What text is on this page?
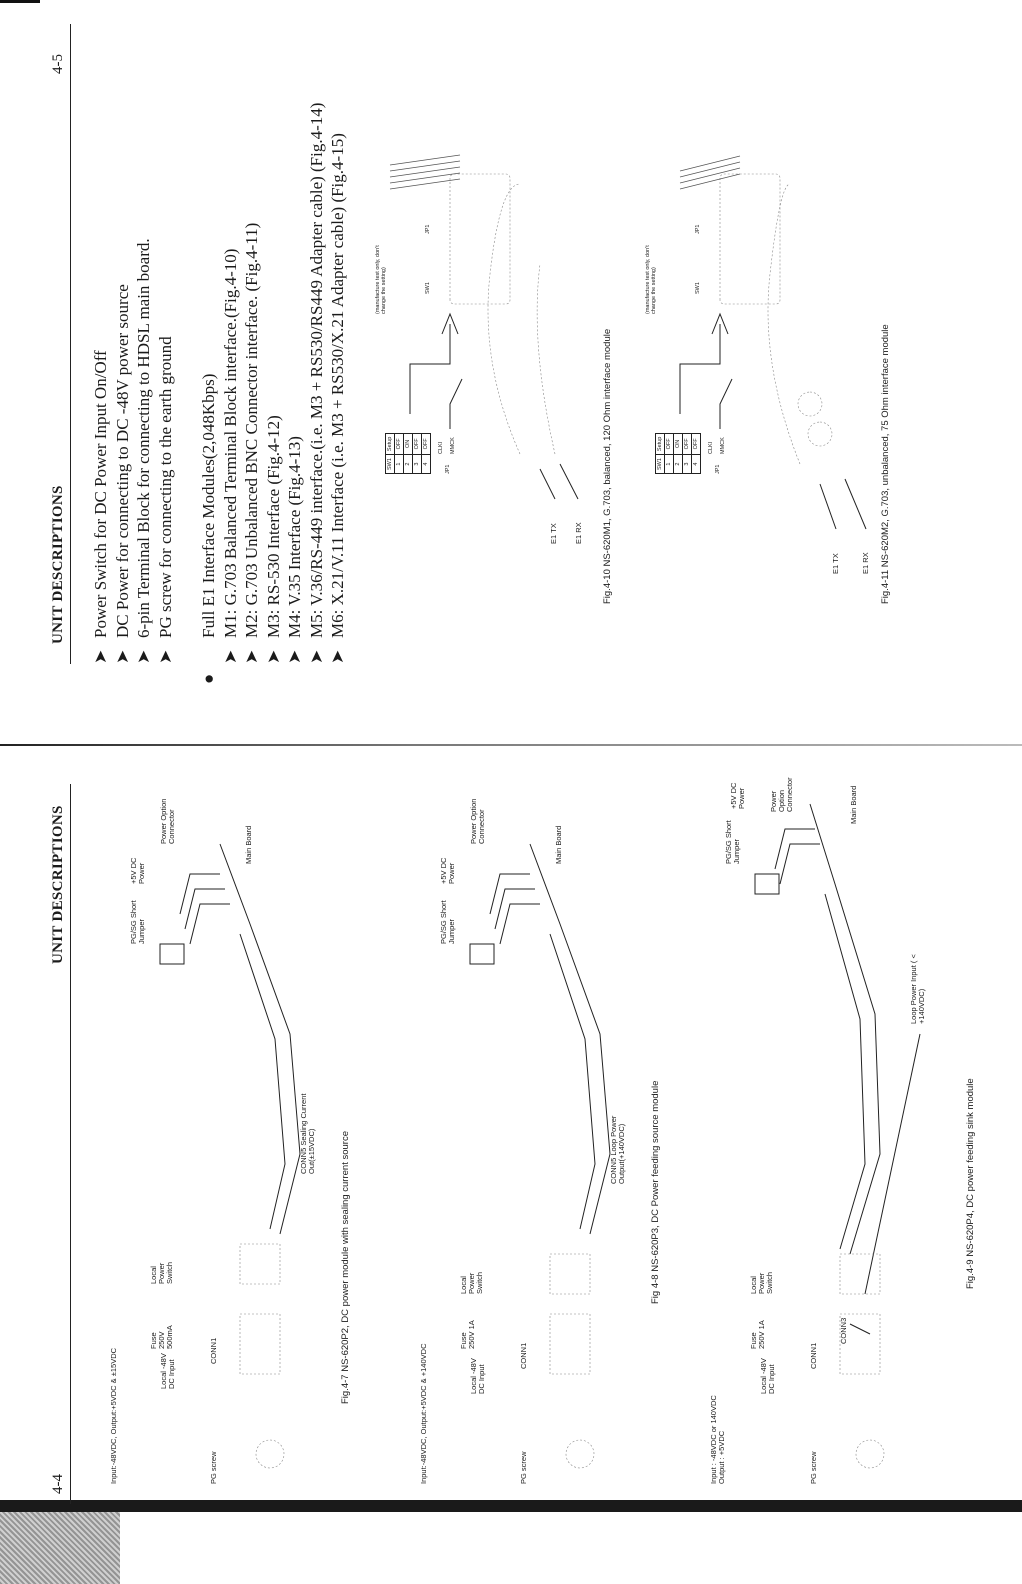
UNIT DESCRIPTIONS
4-5
➤Power Switch for DC Power Input On/Off
➤DC Power for connecting to DC -48V power source
➤6-pin Terminal Block for connecting to HDSL main board.
➤PG screw for connecting to the earth ground
●Full E1 Interface Modules(2,048Kbps)
➤M1: G.703 Balanced Terminal Block interface.(Fig.4-10)
➤M2: G.703 Unbalanced BNC Connector interface. (Fig.4-11)
➤M3: RS-530 Interface (Fig.4-12)
➤M4: V.35 Interface (Fig.4-13)
➤M5: V.36/RS-449 interface.(i.e. M3 + RS530/RS449 Adapter cable) (Fig.4-14)
➤M6: X.21/V.11 Interface (i.e. M3 + RS530/X.21 Adapter cable) (Fig.4-15)	SW1	Setup
1	OFF
2	ON
3	OFF
4	OFF
JP1
CLKI MMCK
(manufacture test only, don't change the setting)	SW1
JP1
E1 TX E1 RX Fig.4-10 NS-620M1, G.703, balanced, 120 Ohm interface module	SW1	Setup
1	OFF
2	ON
3	OFF
4	OFF
JP1
CLKI MMCK
(manufacture test only, don't change the setting)	SW1
JP1
E1 TX	E1 RX Fig.4-11 NS-620M2, G.703, unbalanced, 75 Ohm interface module
4-4
UNIT DESCRIPTIONS
Input:-48VDC, Output:+5VDC & ±15VDC	PG screw
CONN1
Local -48V DC Input
Fuse 250V 500mA
Local Power Switch
PG/SG Short Jumper
+5V DC Power
Power Option Connector	Main Board
CONN5 Sealing Current Out(±15VDC)	Fig.4-7 NS-620P2, DC power module with sealing current source
Input:-48VDC, Output:+5VDC & +140VDC	PG screw
CONN1
Local -48V DC Input
Fuse 250V 1A
Local Power Switch
PG/SG Short Jumper
+5V DC Power
Power Option Connector	Main Board
CONN5 Loop Power Output(+140VDC)	Fig 4-8 NS-620P3, DC Power feeding source module
Input : -48VDC or 140VDC Output : +5VDC	PG screw
CONN1
Local -48V DC Input
Fuse 250V 1A
Local Power Switch
CONN3
PG/SG Short Jumper
+5V DC Power	Power Option Connector	Main Board
Loop Power Input ( < +140VDC)
Fig.4-9 NS-620P4, DC power feeding sink module
